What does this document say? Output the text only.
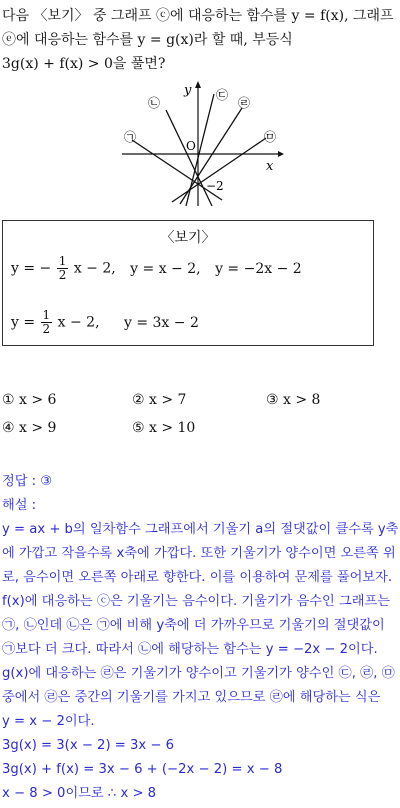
다음 〈보기〉 중 그래프 ⓒ에 대응하는 함수를 y = f(x), 그래프
ⓔ에 대응하는 함수를 y = g(x)라 할 때, 부등식
3g(x) + f(x) > 0을 풀면?
y
x
O
−2
㉠
㉡
㉢
㉣
㉤
〈보기〉
y = − $\frac{1}{2}$ x − 2, y = x − 2, y = −2x − 2
$y = \frac{1}{2}$ x − 2, y = 3x − 2
① x > 6	② x > 7	③ x > 8
④ x > 9	⑤ x > 10
정답 : ③
해설 :
y = ax + b의 일차함수 그래프에서 기울기 a의 절댓값이 클수록 y축
에 가깝고 작을수록 x축에 가깝다. 또한 기울기가 양수이면 오른쪽 위
로, 음수이면 오른쪽 아래로 향한다. 이를 이용하여 문제를 풀어보자.
f(x)에 대응하는 ⓒ은 기울기는 음수이다. 기울기가 음수인 그래프는
㉠, ㉡인데 ㉡은 ㉠에 비해 y축에 더 가까우므로 기울기의 절댓값이
㉠보다 더 크다. 따라서 ㉡에 해당하는 함수는 y = −2x − 2이다.
g(x)에 대응하는 ㉣은 기울기가 양수이고 기울기가 양수인 ㉢, ㉣, ㉤
중에서 ㉣은 중간의 기울기를 가지고 있으므로 ㉣에 해당하는 식은
y = x − 2이다.
3g(x) = 3(x − 2) = 3x − 6
3g(x) + f(x) = 3x − 6 + (−2x − 2) = x − 8
x − 8 > 0이므로 ∴ x > 8
